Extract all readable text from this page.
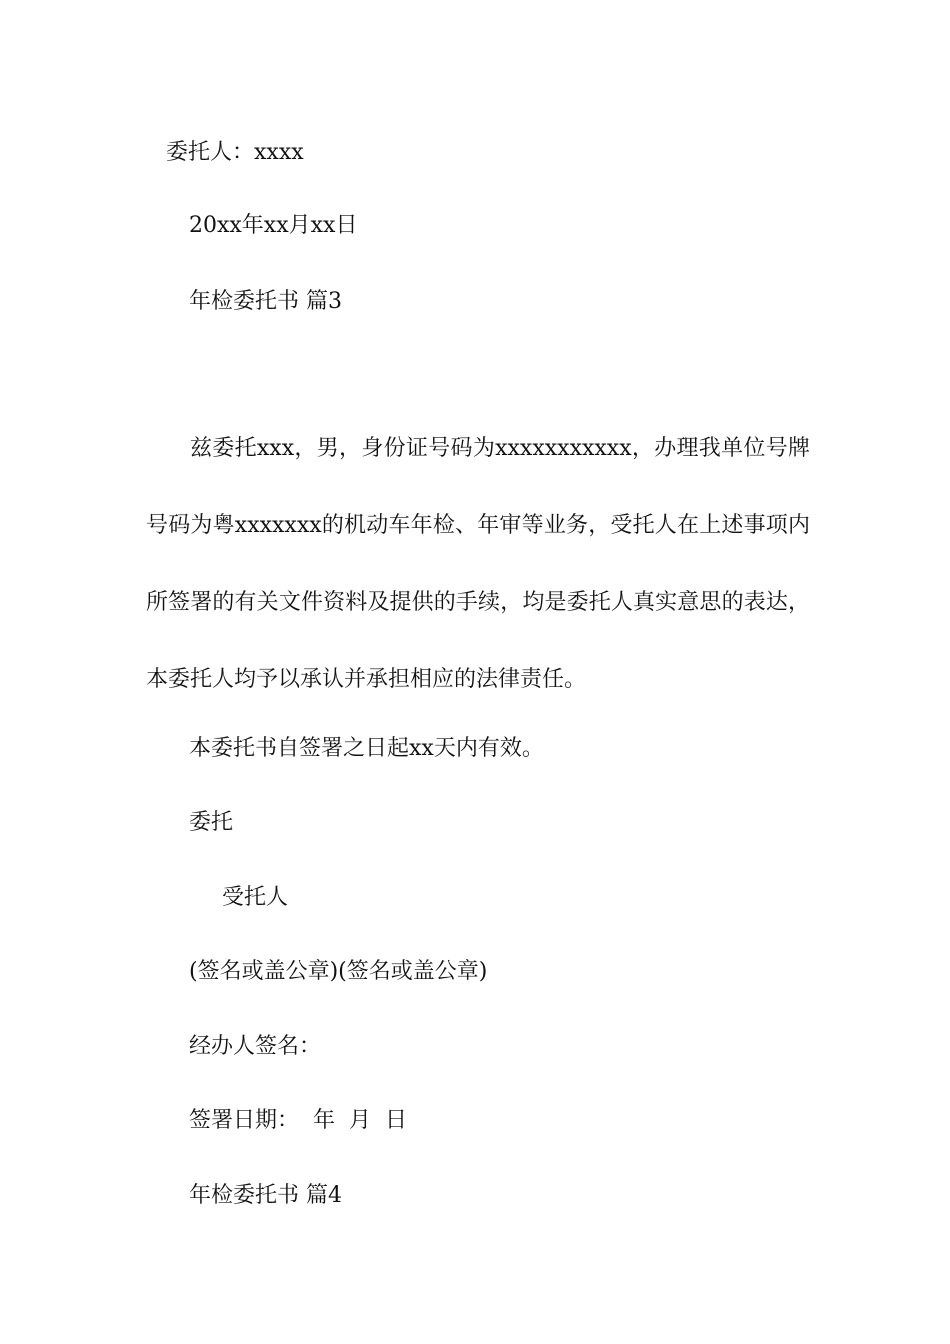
委托人：xxxx
20xx年xx月xx日
年检委托书 篇3
兹委托xxx，男，身份证号码为xxxxxxxxxxx，办理我单位号牌号码为粤xxxxxxx的机动车年检、年审等业务，受托人在上述事项内所签署的有关文件资料及提供的手续，均是委托人真实意思的表达，本委托人均予以承认并承担相应的法律责任。
本委托书自签署之日起xx天内有效。
委托
受托人
(签名或盖公章)(签名或盖公章)
经办人签名：
签署日期：  年  月  日
年检委托书 篇4
